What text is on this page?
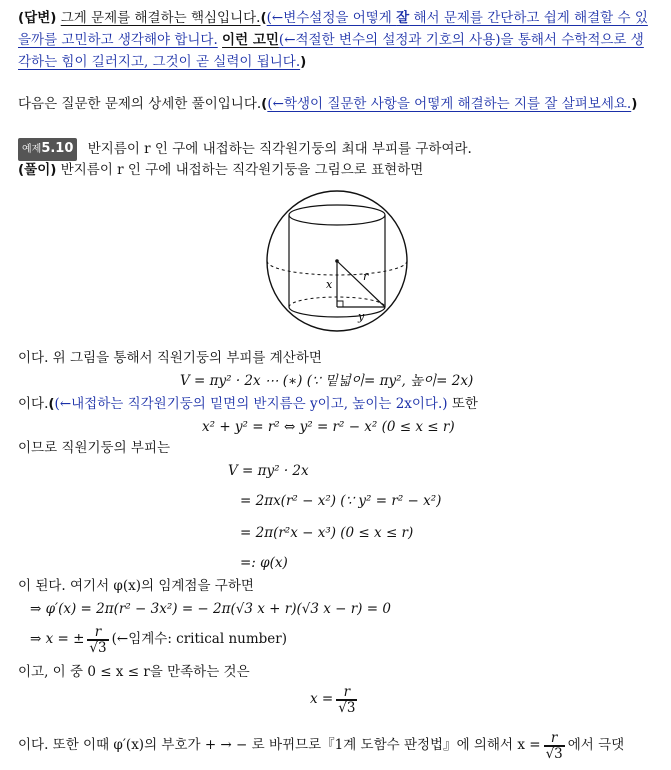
(답변) 그게 문제를 해결하는 핵심입니다.((←변수설정을 어떻게 잘 해서 문제를 간단하고 쉽게 해결할 수 있
을까를 고민하고 생각해야 합니다. 이런 고민(←적절한 변수의 설정과 기호의 사용)을 통해서 수학적으로 생
각하는 힘이 길러지고, 그것이 곧 실력이 됩니다.)
다음은 질문한 문제의 상세한 풀이입니다.((←학생이 질문한 사항을 어떻게 해결하는 지를 잘 살펴보세요.)
예제5.10 반지름이 r 인 구에 내접하는 직각원기둥의 최대 부피를 구하여라.
(풀이) 반지름이 r 인 구에 내접하는 직각원기둥을 그림으로 표현하면
x
r
y
이다. 위 그림을 통해서 직원기둥의 부피를 계산하면
V = πy² · 2x ⋯ (∗) (∵ 밑넓이= πy², 높이= 2x)
이다.((←내접하는 직각원기둥의 밑면의 반지름은 y이고, 높이는 2x이다.) 또한
x² + y² = r² ⇔ y² = r² − x² (0 ≤ x ≤ r)
이므로 직원기둥의 부피는
V = πy² · 2x
= 2πx(r² − x²) (∵ y² = r² − x²)
= 2π(r²x − x³) (0 ≤ x ≤ r)
=: φ(x)
이 된다. 여기서 φ(x)의 임계점을 구하면
⇒ φ′(x) = 2π(r² − 3x²) = − 2π(√3 x + r)(√3 x − r) = 0
⇒ x = ± $\frac{r}{√3}$ (←임계수: critical number)
이고, 이 중 0 ≤ x ≤ r을 만족하는 것은
$x = \frac{r}{√3}$
이다. 또한 이때 φ′(x)의 부호가 + → − 로 바뀌므로『1계 도함수 판정법』에 의해서 $x = \frac{r}{√3}$ 에서 극댓
